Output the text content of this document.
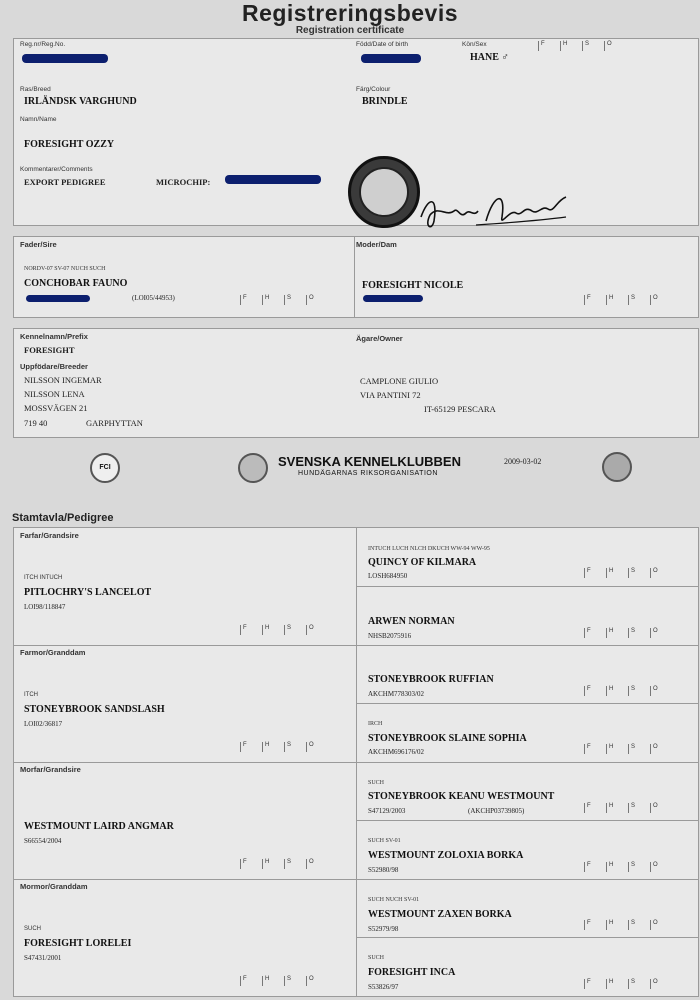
Registreringsbevis
Registration certificate
Reg.nr/Reg.No.	Född/Date of birth	Kön/Sex
HANE ♂
F	H	S	O
Ras/Breed
IRLÄNDSK VARGHUND
Färg/Colour
BRINDLE
Namn/Name
FORESIGHT OZZY
Kommentarer/Comments
EXPORT PEDIGREE	MICROCHIP:
Fader/Sire
NORDV-07 SV-07 NUCH SUCH
CONCHOBAR FAUNO
(LOI05/44953)	F	H	S	O
Moder/Dam
FORESIGHT NICOLE
F	H	S	O
Kennelnamn/Prefix
FORESIGHT
Uppfödare/Breeder
NILSSON INGEMAR
NILSSON LENA
MOSSVÄGEN 21
719 40	GARPHYTTAN
Ägare/Owner
CAMPLONE GIULIO
VIA PANTINI 72
IT-65129 PESCARA
FCI	SVENSKA KENNELKLUBBEN
HUNDÄGARNAS RIKSORGANISATION
2009-03-02
Stamtavla/Pedigree
Farfar/Grandsire
ITCH INTUCH
PITLOCHRY'S LANCELOT
LOI98/118847
F	H	S	O
Farmor/Granddam
ITCH
STONEYBROOK SANDSLASH
LOI02/36817
F	H	S	O
Morfar/Grandsire
WESTMOUNT LAIRD ANGMAR
S66554/2004
F	H	S	O
Mormor/Granddam
SUCH
FORESIGHT LORELEI
S47431/2001
F	H	S	O
INTUCH LUCH NLCH DKUCH WW-94 WW-95
QUINCY OF KILMARA
LOSH684950
F	H	S	O
ARWEN NORMAN
NHSB2075916
F	H	S	O
STONEYBROOK RUFFIAN
AKCHM778303/02
F	H	S	O
IRCH
STONEYBROOK SLAINE SOPHIA
AKCHM696176/02
F	H	S	O
SUCH
STONEYBROOK KEANU WESTMOUNT
S47129/2003	(AKCHP03739805)
F	H	S	O
SUCH SV-01
WESTMOUNT ZOLOXIA BORKA
S52980/98
F	H	S	O
SUCH NUCH SV-01
WESTMOUNT ZAXEN BORKA
S52979/98
F	H	S	O
SUCH
FORESIGHT INCA
S53826/97
F	H	S	O
